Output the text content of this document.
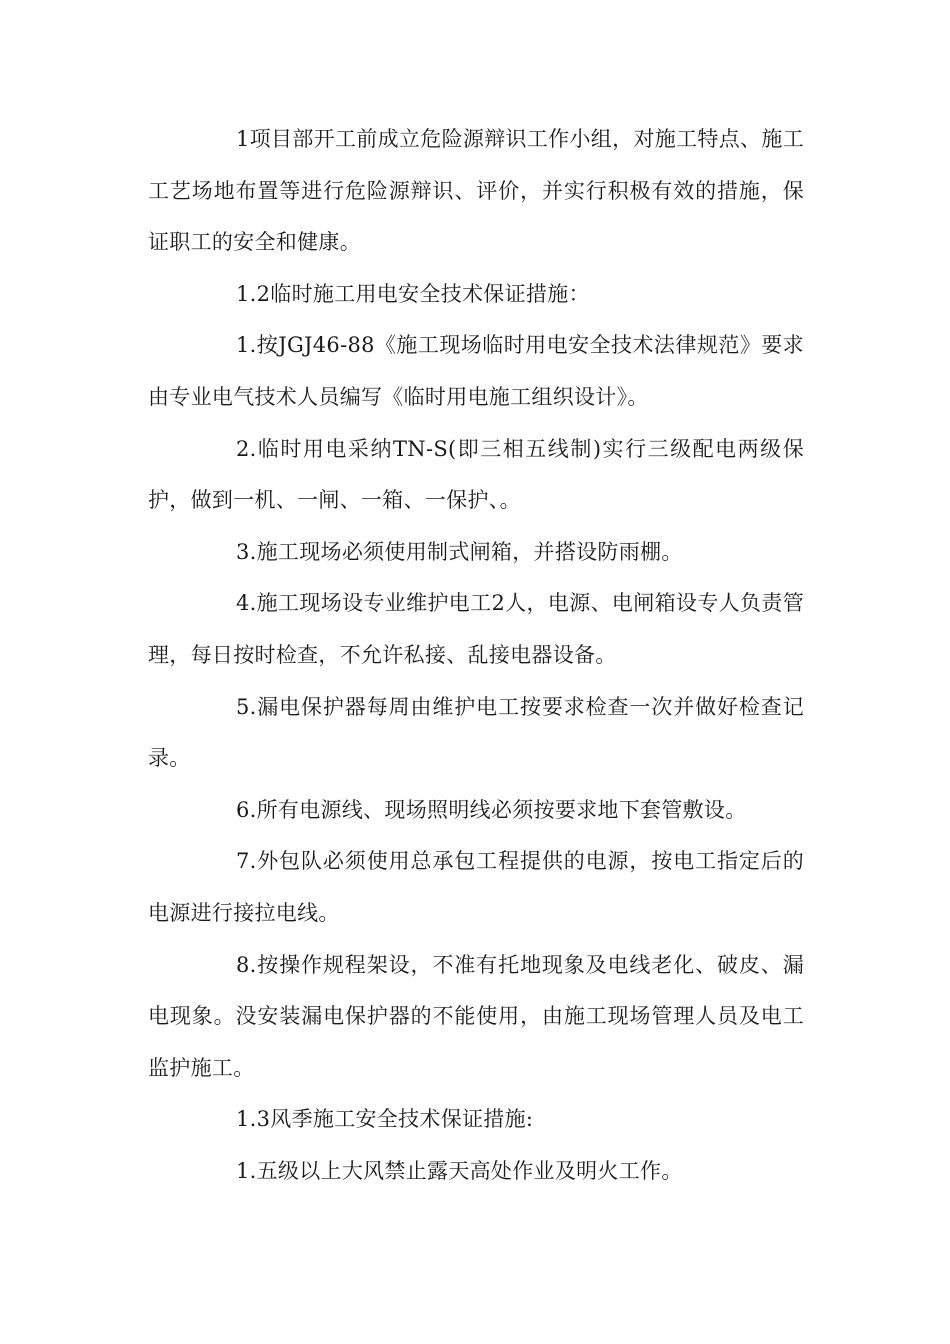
1项目部开工前成立危险源辩识工作小组，对施工特点、施工工艺场地布置等进行危险源辩识、评价，并实行积极有效的措施，保证职工的安全和健康。

1.2临时施工用电安全技术保证措施：

1.按JGJ46-88《施工现场临时用电安全技术法律规范》要求由专业电气技术人员编写《临时用电施工组织设计》。

2.临时用电采纳TN-S(即三相五线制)实行三级配电两级保护，做到一机、一闸、一箱、一保护、。

3.施工现场必须使用制式闸箱，并搭设防雨棚。

4.施工现场设专业维护电工2人，电源、电闸箱设专人负责管理，每日按时检查，不允许私接、乱接电器设备。

5.漏电保护器每周由维护电工按要求检查一次并做好检查记录。

6.所有电源线、现场照明线必须按要求地下套管敷设。

7.外包队必须使用总承包工程提供的电源，按电工指定后的电源进行接拉电线。

8.按操作规程架设，不准有托地现象及电线老化、破皮、漏电现象。没安装漏电保护器的不能使用，由施工现场管理人员及电工监护施工。

1.3风季施工安全技术保证措施:

1.五级以上大风禁止露天高处作业及明火工作。
